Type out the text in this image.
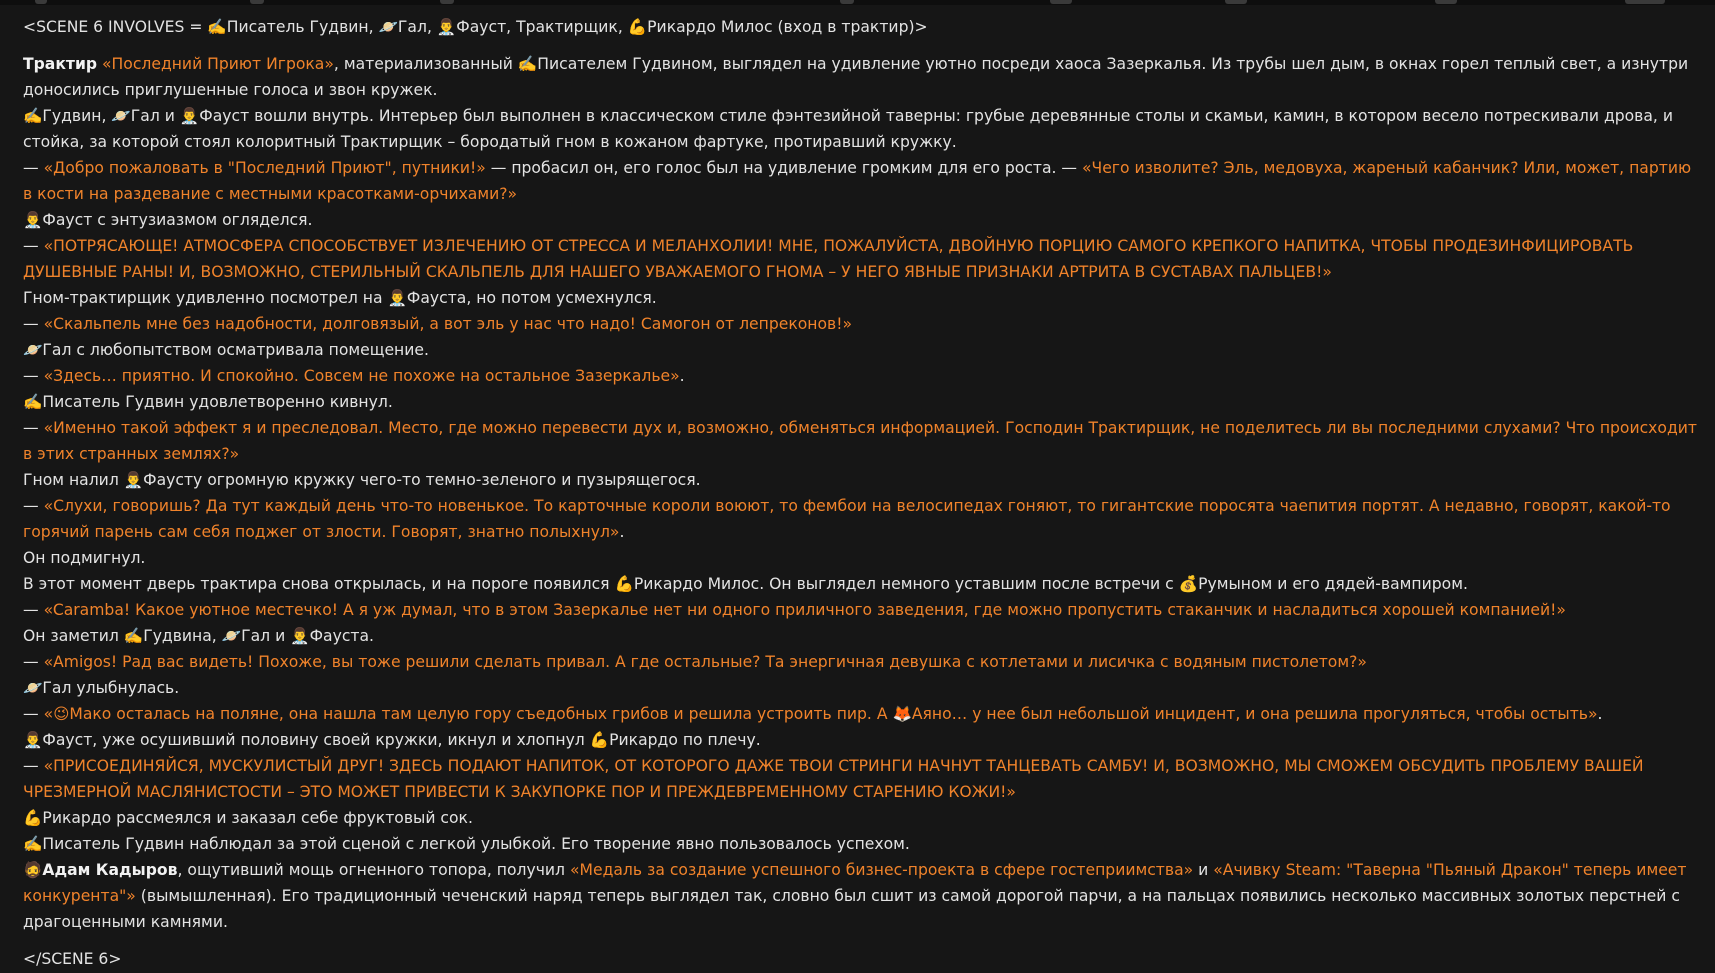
<SCENE 6 INVOLVES = ✍️Писатель Гудвин, 🪐Гал, 👨‍⚕️Фауст, Трактирщик, 💪Рикардо Милос (вход в трактир)>
Трактир «Последний Приют Игрока», материализованный ✍️Писателем Гудвином, выглядел на удивление уютно посреди хаоса Зазеркалья. Из трубы шел дым, в окнах горел теплый свет, а изнутри доносились приглушенные голоса и звон кружек.
✍️Гудвин, 🪐Гал и 👨‍⚕️Фауст вошли внутрь. Интерьер был выполнен в классическом стиле фэнтезийной таверны: грубые деревянные столы и скамьи, камин, в котором весело потрескивали дрова, и стойка, за которой стоял колоритный Трактирщик – бородатый гном в кожаном фартуке, протиравший кружку.
— «Добро пожаловать в "Последний Приют", путники!» — пробасил он, его голос был на удивление громким для его роста. — «Чего изволите? Эль, медовуха, жареный кабанчик? Или, может, партию в кости на раздевание с местными красотками-орчихами?»
👨‍⚕️Фауст с энтузиазмом огляделся.
— «ПОТРЯСАЮЩЕ! АТМОСФЕРА СПОСОБСТВУЕТ ИЗЛЕЧЕНИЮ ОТ СТРЕССА И МЕЛАНХОЛИИ! МНЕ, ПОЖАЛУЙСТА, ДВОЙНУЮ ПОРЦИЮ САМОГО КРЕПКОГО НАПИТКА, ЧТОБЫ ПРОДЕЗИНФИЦИРОВАТЬ ДУШЕВНЫЕ РАНЫ! И, ВОЗМОЖНО, СТЕРИЛЬНЫЙ СКАЛЬПЕЛЬ ДЛЯ НАШЕГО УВАЖАЕМОГО ГНОМА – У НЕГО ЯВНЫЕ ПРИЗНАКИ АРТРИТА В СУСТАВАХ ПАЛЬЦЕВ!»
Гном-трактирщик удивленно посмотрел на 👨‍⚕️Фауста, но потом усмехнулся.
— «Скальпель мне без надобности, долговязый, а вот эль у нас что надо! Самогон от лепреконов!»
🪐Гал с любопытством осматривала помещение.
— «Здесь… приятно. И спокойно. Совсем не похоже на остальное Зазеркалье».
✍️Писатель Гудвин удовлетворенно кивнул.
— «Именно такой эффект я и преследовал. Место, где можно перевести дух и, возможно, обменяться информацией. Господин Трактирщик, не поделитесь ли вы последними слухами? Что происходит в этих странных землях?»
Гном налил 👨‍⚕️Фаусту огромную кружку чего-то темно-зеленого и пузырящегося.
— «Слухи, говоришь? Да тут каждый день что-то новенькое. То карточные короли воюют, то фембои на велосипедах гоняют, то гигантские поросята чаепития портят. А недавно, говорят, какой-то горячий парень сам себя поджег от злости. Говорят, знатно полыхнул».
Он подмигнул.
В этот момент дверь трактира снова открылась, и на пороге появился 💪Рикардо Милос. Он выглядел немного уставшим после встречи с 💰Румыном и его дядей-вампиром.
— «Caramba! Какое уютное местечко! А я уж думал, что в этом Зазеркалье нет ни одного приличного заведения, где можно пропустить стаканчик и насладиться хорошей компанией!»
Он заметил ✍️Гудвина, 🪐Гал и 👨‍⚕️Фауста.
— «Amigos! Рад вас видеть! Похоже, вы тоже решили сделать привал. А где остальные? Та энергичная девушка с котлетами и лисичка с водяным пистолетом?»
🪐Гал улыбнулась.
— «😉Мако осталась на поляне, она нашла там целую гору съедобных грибов и решила устроить пир. А 🦊Аяно… у нее был небольшой инцидент, и она решила прогуляться, чтобы остыть».
👨‍⚕️Фауст, уже осушивший половину своей кружки, икнул и хлопнул 💪Рикардо по плечу.
— «ПРИСОЕДИНЯЙСЯ, МУСКУЛИСТЫЙ ДРУГ! ЗДЕСЬ ПОДАЮТ НАПИТОК, ОТ КОТОРОГО ДАЖЕ ТВОИ СТРИНГИ НАЧНУТ ТАНЦЕВАТЬ САМБУ! И, ВОЗМОЖНО, МЫ СМОЖЕМ ОБСУДИТЬ ПРОБЛЕМУ ВАШЕЙ ЧРЕЗМЕРНОЙ МАСЛЯНИСТОСТИ – ЭТО МОЖЕТ ПРИВЕСТИ К ЗАКУПОРКЕ ПОР И ПРЕЖДЕВРЕМЕННОМУ СТАРЕНИЮ КОЖИ!»
💪Рикардо рассмеялся и заказал себе фруктовый сок.
✍️Писатель Гудвин наблюдал за этой сценой с легкой улыбкой. Его творение явно пользовалось успехом.
🧔Адам Кадыров, ощутивший мощь огненного топора, получил «Медаль за создание успешного бизнес-проекта в сфере гостеприимства» и «Ачивку Steam: "Таверна "Пьяный Дракон" теперь имеет конкурента"» (вымышленная). Его традиционный чеченский наряд теперь выглядел так, словно был сшит из самой дорогой парчи, а на пальцах появились несколько массивных золотых перстней с драгоценными камнями.
</SCENE 6>
